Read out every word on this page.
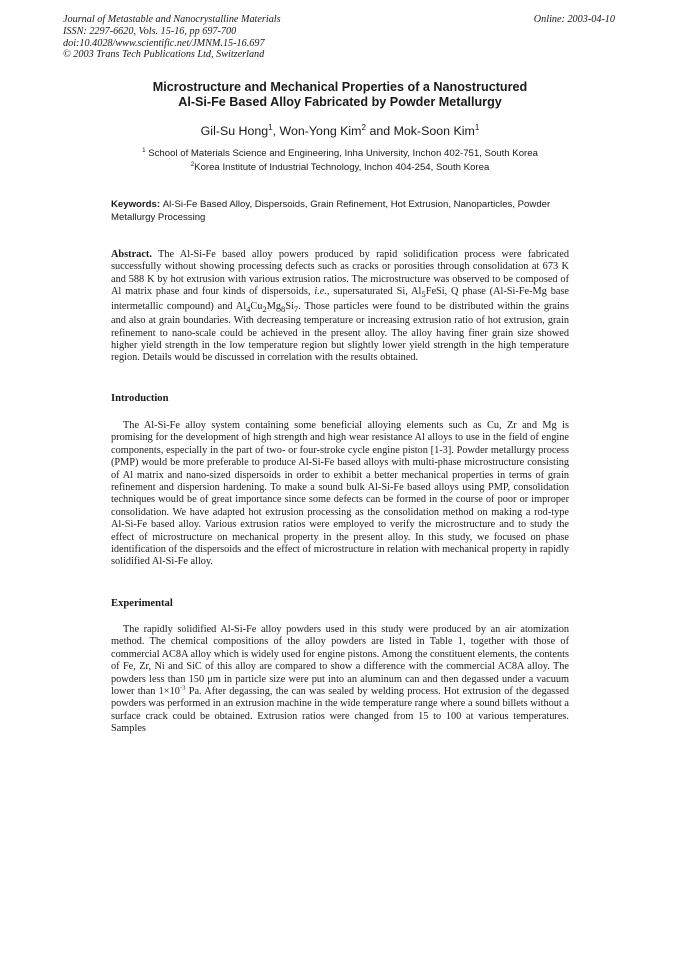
Journal of Metastable and Nanocrystalline Materials
ISSN: 2297-6620, Vols. 15-16, pp 697-700
doi:10.4028/www.scientific.net/JMNM.15-16.697
© 2003 Trans Tech Publications Ltd, Switzerland
Online: 2003-04-10
Microstructure and Mechanical Properties of a Nanostructured
Al-Si-Fe Based Alloy Fabricated by Powder Metallurgy
Gil-Su Hong$^1$, Won-Yong Kim$^2$ and Mok-Soon Kim$^1$
$^1$ School of Materials Science and Engineering, Inha University, Inchon 402-751, South Korea
$^2$Korea Institute of Industrial Technology, Inchon 404-254, South Korea
Keywords: Al-Si-Fe Based Alloy, Dispersoids, Grain Refinement, Hot Extrusion, Nanoparticles, Powder Metallurgy Processing
Abstract. The Al-Si-Fe based alloy powers produced by rapid solidification process were fabricated successfully without showing processing defects such as cracks or porosities through consolidation at 673 K and 588 K by hot extrusion with various extrusion ratios. The microstructure was observed to be composed of Al matrix phase and four kinds of dispersoids, i.e., supersaturated Si, $Al_5FeSi$, Q phase (Al-Si-Fe-Mg base intermetallic compound) and $Al_4Cu_2Mg_8Si_7$. Those particles were found to be distributed within the grains and also at grain boundaries. With decreasing temperature or increasing extrusion ratio of hot extrusion, grain refinement to nano-scale could be achieved in the present alloy. The alloy having finer grain size showed higher yield strength in the low temperature region but slightly lower yield strength in the high temperature region. Details would be discussed in correlation with the results obtained.
Introduction
The Al-Si-Fe alloy system containing some beneficial alloying elements such as Cu, Zr and Mg is promising for the development of high strength and high wear resistance Al alloys to use in the field of engine components, especially in the part of two- or four-stroke cycle engine piston [1-3]. Powder metallurgy process (PMP) would be more preferable to produce Al-Si-Fe based alloys with multi-phase microstructure consisting of Al matrix and nano-sized dispersoids in order to exhibit a better mechanical properties in terms of grain refinement and dispersion hardening. To make a sound bulk Al-Si-Fe based alloys using PMP, consolidation techniques would be of great importance since some defects can be formed in the course of poor or improper consolidation. We have adapted hot extrusion processing as the consolidation method on making a rod-type Al-Si-Fe based alloy. Various extrusion ratios were employed to verify the microstructure and to study the effect of microstructure on mechanical property in the present alloy. In this study, we focused on phase identification of the dispersoids and the effect of microstructure in relation with mechanical property in rapidly solidified Al-Si-Fe alloy.
Experimental
The rapidly solidified Al-Si-Fe alloy powders used in this study were produced by an air atomization method. The chemical compositions of the alloy powders are listed in Table 1, together with those of commercial AC8A alloy which is widely used for engine pistons. Among the constituent elements, the contents of Fe, Zr, Ni and SiC of this alloy are compared to show a difference with the commercial AC8A alloy. The powders less than 150 μm in particle size were put into an aluminum can and then degassed under a vacuum lower than $1\times 10^{-3}$ Pa. After degassing, the can was sealed by welding process. Hot extrusion of the degassed powders was performed in an extrusion machine in the wide temperature range where a sound billets without a surface crack could be obtained. Extrusion ratios were changed from 15 to 100 at various temperatures. Samples
